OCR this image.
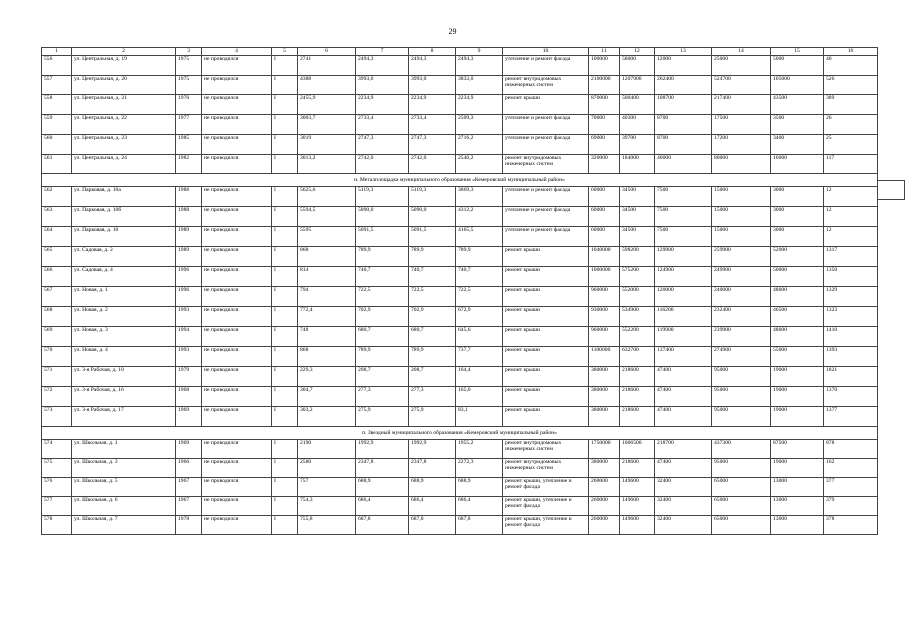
29
1	2	3	4	5	6	7	8	9	10	11	12	13	14	15	16
556	ул. Центральная, д. 19	1975	не проводился	I	2741	2494,3	2494,3	2494,3	утепление и ремонт фасада	100000	58000	12000	25000	5000	40
557	ул. Центральная, д. 20	1975	не проводился	I	4388	3993,0	3993,0	3833,0	ремонт внутридомовых инженерных систем	2100000	1207900	262400	524700	105000	526
558	ул. Центральная, д. 21	1976	не проводился	I	2455,9	2234,9	2234,9	2234,9	ремонт крыши	870000	500400	108700	217400	43500	389
559	ул. Центральная, д. 22	1977	не проводился	I	3003,7	2733,4	2733,4	2509,3	утепление и ремонт фасада	70000	40300	8700	17500	3500	26
560	ул. Центральная, д. 23	1985	не проводился	I	3019	2747,3	2747,3	2716,2	утепление и ремонт фасада	69000	39700	8700	17200	3400	25
561	ул. Центральная, д. 24	1982	не проводился	I	3013,2	2742,0	2742,0	2546,2	ремонт внутридомовых инженерных систем	320000	184000	40000	80000	16000	117
н. Металплощадка муниципального образования «Кемеровский муниципальный район»															
562	ул. Парковая, д. 10а	1988	не проводился	I	5625,6	5119,3	5119,3	3869,3	утепление и ремонт фасада	60000	34500	7500	15000	3000	12
563	ул. Парковая, д. 10б	1988	не проводился	I	5594,5	5090,0	5090,0	4312,2	утепление и ремонт фасада	60000	34500	7500	15000	3000	12
564	ул. Парковая, д. 10	1989	не проводился	I	5595	5091,5	5091,5	4165,5	утепление и ремонт фасада	60000	34500	7500	15000	3000	12
565	ул. Садовая, д. 2	1989	не проводился	I	868	789,9	789,9	789,9	ремонт крыши	1040000	598200	129900	259900	52000	1317
566	ул. Садовая, д. 4	1996	не проводился	I	814	740,7	740,7	740,7	ремонт крыши	1000000	575200	124900	249900	50000	1350
567	ул. Новая, д. 1	1996	не проводился	I	794	722,5	722,5	722,5	ремонт крыши	960000	552000	120000	240000	48000	1329
568	ул. Новая, д. 2	1993	не проводился	I	772,4	702,9	702,9	672,9	ремонт крыши	930000	534900	116200	232400	46500	1323
569	ул. Новая, д. 3	1994	не проводился	I	748	680,7	680,7	645,6	ремонт крыши	960000	552200	119900	239900	48000	1410
570	ул. Новая, д. 4	1993	не проводился	I	868	789,9	789,9	737,7	ремонт крыши	1100000	632700	137400	274900	55000	1393
571	ул. 3-я Рабочая, д. 10	1979	не проводился	I	229,3	208,7	208,7	164,4	ремонт крыши	380000	218600	47400	95000	19000	1821
572	ул. 3-я Рабочая, д. 16	1968	не проводился	I	304,7	277,3	277,3	165,0	ремонт крыши	380000	218600	47400	95000	19000	1370
573	ул. 3-я Рабочая, д. 17	1969	не проводился	I	303,2	275,9	275,9	83,1	ремонт крыши	380000	218600	47400	95000	19000	1377
п. Звездный муниципального образования «Кемеровский муниципальный район»															
574	ул. Школьная, д. 1	1969	не проводился	I	2190	1992,9	1992,9	1955,2	ремонт внутридомовых инженерных систем	1750000	1006500	218700	437300	87500	878
575	ул. Школьная, д. 3	1966	не проводился	I	2580	2347,8	2347,8	2272,3	ремонт внутридомовых инженерных систем	380000	218600	47400	95000	19000	162
576	ул. Школьная, д. 5	1967	не проводился	I	757	688,9	688,9	688,9	ремонт крыши, утепление и ремонт фасада	260000	149600	32400	65000	13000	377
577	ул. Школьная, д. 6	1967	не проводился	I	754,3	686,4	686,4	686,4	ремонт крыши, утепление и ремонт фасада	260000	149600	32400	65000	13000	379
578	ул. Школьная, д. 7	1978	не проводился	I	755,8	687,8	687,8	687,8	ремонт крыши, утепление и ремонт фасада	260000	149600	32400	65000	13000	378
